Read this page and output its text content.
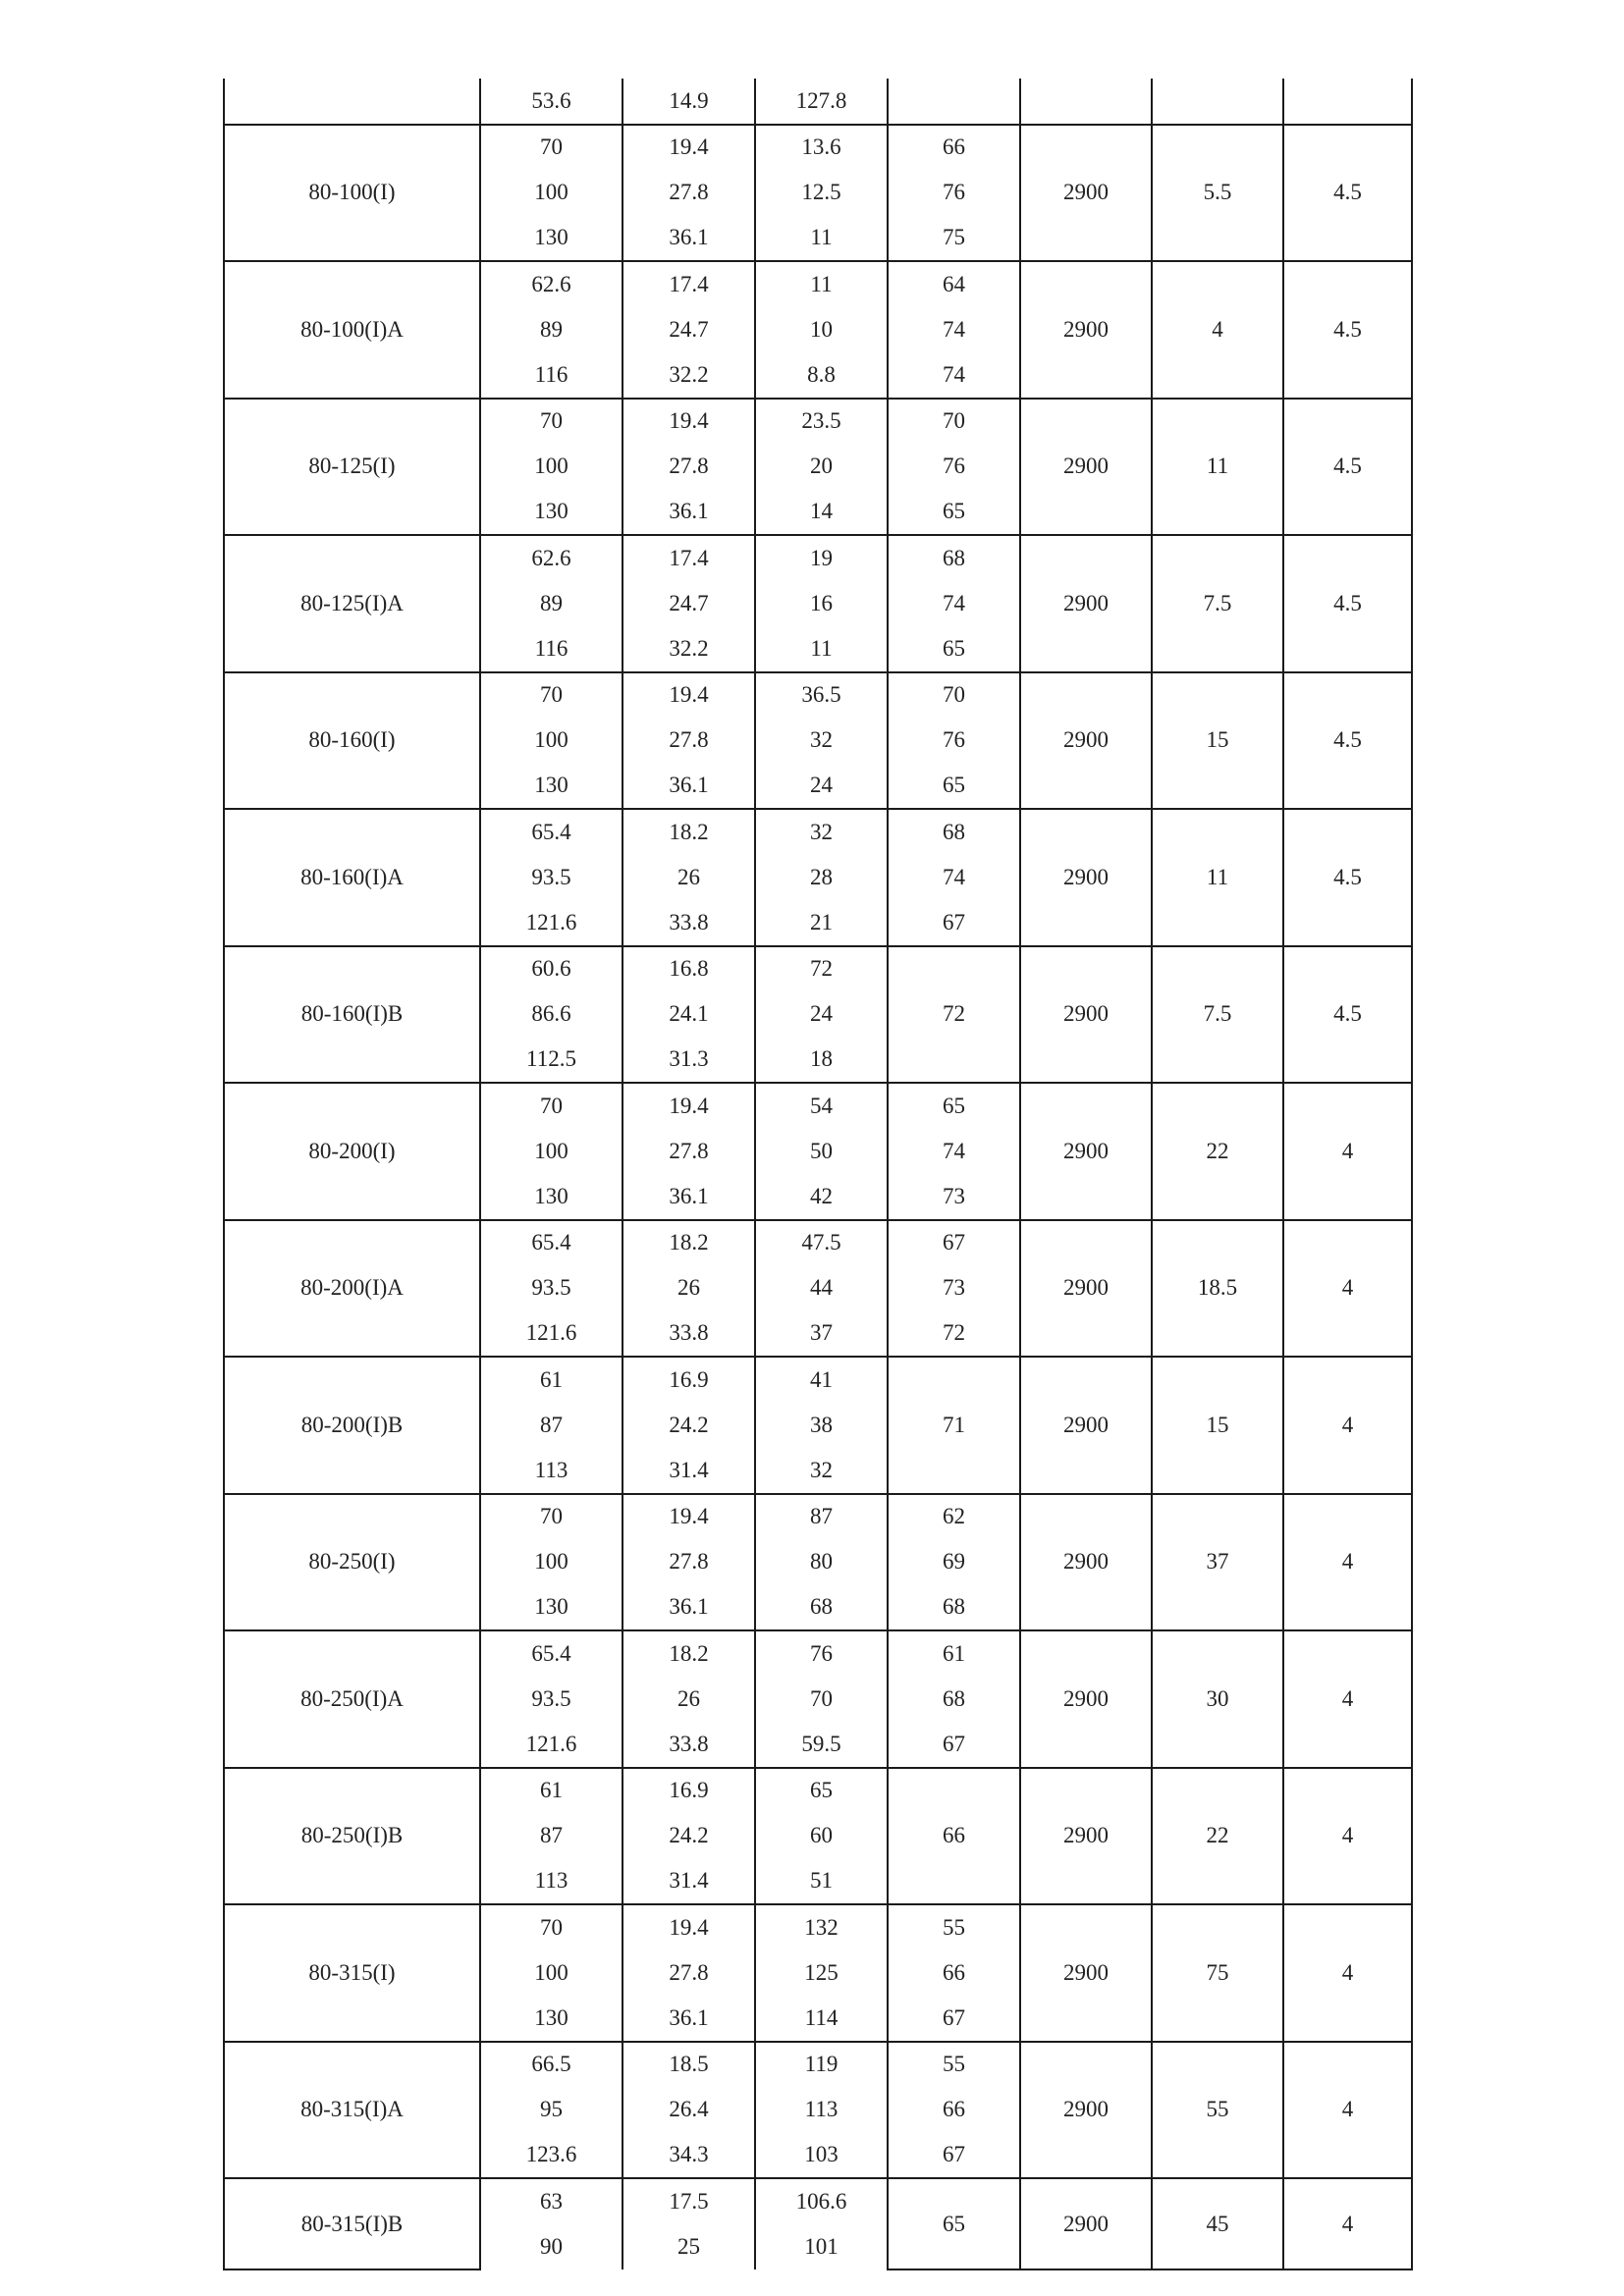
	53.6	14.9	127.8				
80-100(I)	70	19.4	13.6	66	2900	5.5	4.5
	100	27.8	12.5	76			
	130	36.1	11	75			
80-100(I)A	62.6	17.4	11	64	2900	4	4.5
	89	24.7	10	74			
	116	32.2	8.8	74			
80-125(I)	70	19.4	23.5	70	2900	11	4.5
	100	27.8	20	76			
	130	36.1	14	65			
80-125(I)A	62.6	17.4	19	68	2900	7.5	4.5
	89	24.7	16	74			
	116	32.2	11	65			
80-160(I)	70	19.4	36.5	70	2900	15	4.5
	100	27.8	32	76			
	130	36.1	24	65			
80-160(I)A	65.4	18.2	32	68	2900	11	4.5
	93.5	26	28	74			
	121.6	33.8	21	67			
80-160(I)B	60.6	16.8	72	72	2900	7.5	4.5
	86.6	24.1	24				
	112.5	31.3	18				
80-200(I)	70	19.4	54	65	2900	22	4
	100	27.8	50	74			
	130	36.1	42	73			
80-200(I)A	65.4	18.2	47.5	67	2900	18.5	4
	93.5	26	44	73			
	121.6	33.8	37	72			
80-200(I)B	61	16.9	41	71	2900	15	4
	87	24.2	38				
	113	31.4	32				
80-250(I)	70	19.4	87	62	2900	37	4
	100	27.8	80	69			
	130	36.1	68	68			
80-250(I)A	65.4	18.2	76	61	2900	30	4
	93.5	26	70	68			
	121.6	33.8	59.5	67			
80-250(I)B	61	16.9	65	66	2900	22	4
	87	24.2	60				
	113	31.4	51				
80-315(I)	70	19.4	132	55	2900	75	4
	100	27.8	125	66			
	130	36.1	114	67			
80-315(I)A	66.5	18.5	119	55	2900	55	4
	95	26.4	113	66			
	123.6	34.3	103	67			
80-315(I)B	63	17.5	106.6	65	2900	45	4
	90	25	101				
